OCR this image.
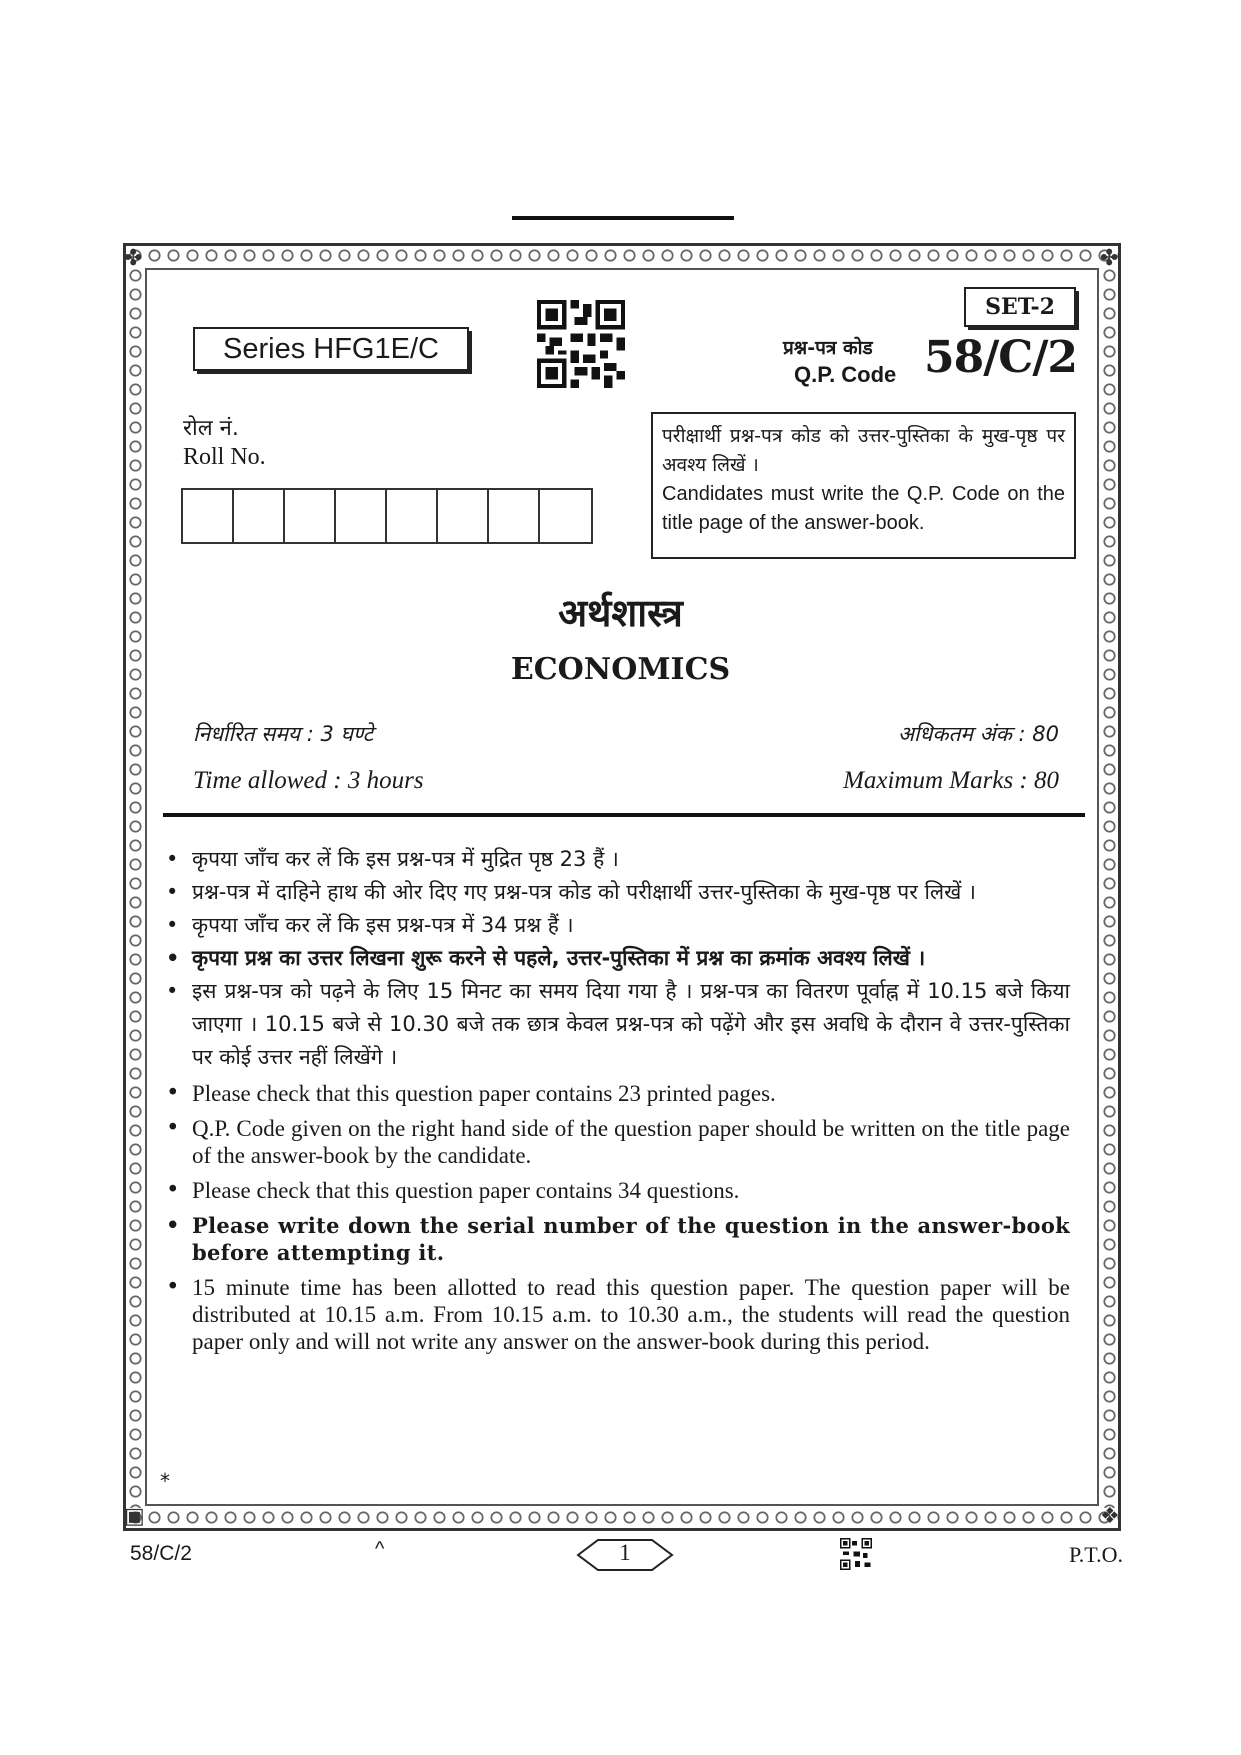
✤	✤
▣	❖
Series HFG1E/C
SET-2
प्रश्न-पत्र कोड
Q.P. Code 58/C/2
रोल नं.
Roll No.
परीक्षार्थी प्रश्न-पत्र कोड को उत्तर-पुस्तिका के मुख-पृष्ठ पर अवश्य लिखें ।
Candidates must write the Q.P. Code on the title page of the answer-book.
अर्थशास्त्र
ECONOMICS
निर्धारित समय : 3 घण्टे	अधिकतम अंक : 80
Time allowed : 3 hours	Maximum Marks : 80
• कृपया जाँच कर लें कि इस प्रश्न-पत्र में मुद्रित पृष्ठ 23 हैं ।
• प्रश्न-पत्र में दाहिने हाथ की ओर दिए गए प्रश्न-पत्र कोड को परीक्षार्थी उत्तर-पुस्तिका के मुख-पृष्ठ पर लिखें ।
• कृपया जाँच कर लें कि इस प्रश्न-पत्र में 34 प्रश्न हैं ।
• कृपया प्रश्न का उत्तर लिखना शुरू करने से पहले, उत्तर-पुस्तिका में प्रश्न का क्रमांक अवश्य लिखें ।
• इस प्रश्न-पत्र को पढ़ने के लिए 15 मिनट का समय दिया गया है । प्रश्न-पत्र का वितरण पूर्वाह्न में 10.15 बजे किया जाएगा । 10.15 बजे से 10.30 बजे तक छात्र केवल प्रश्न-पत्र को पढ़ेंगे और इस अवधि के दौरान वे उत्तर-पुस्तिका पर कोई उत्तर नहीं लिखेंगे ।
• Please check that this question paper contains 23 printed pages.
• Q.P. Code given on the right hand side of the question paper should be written on the title page of the answer-book by the candidate.
• Please check that this question paper contains 34 questions.
• Please write down the serial number of the question in the answer-book before attempting it.
• 15 minute time has been allotted to read this question paper. The question paper will be distributed at 10.15 a.m. From 10.15 a.m. to 10.30 a.m., the students will read the question paper only and will not write any answer on the answer-book during this period.
*
58/C/2	^	1	P.T.O.
